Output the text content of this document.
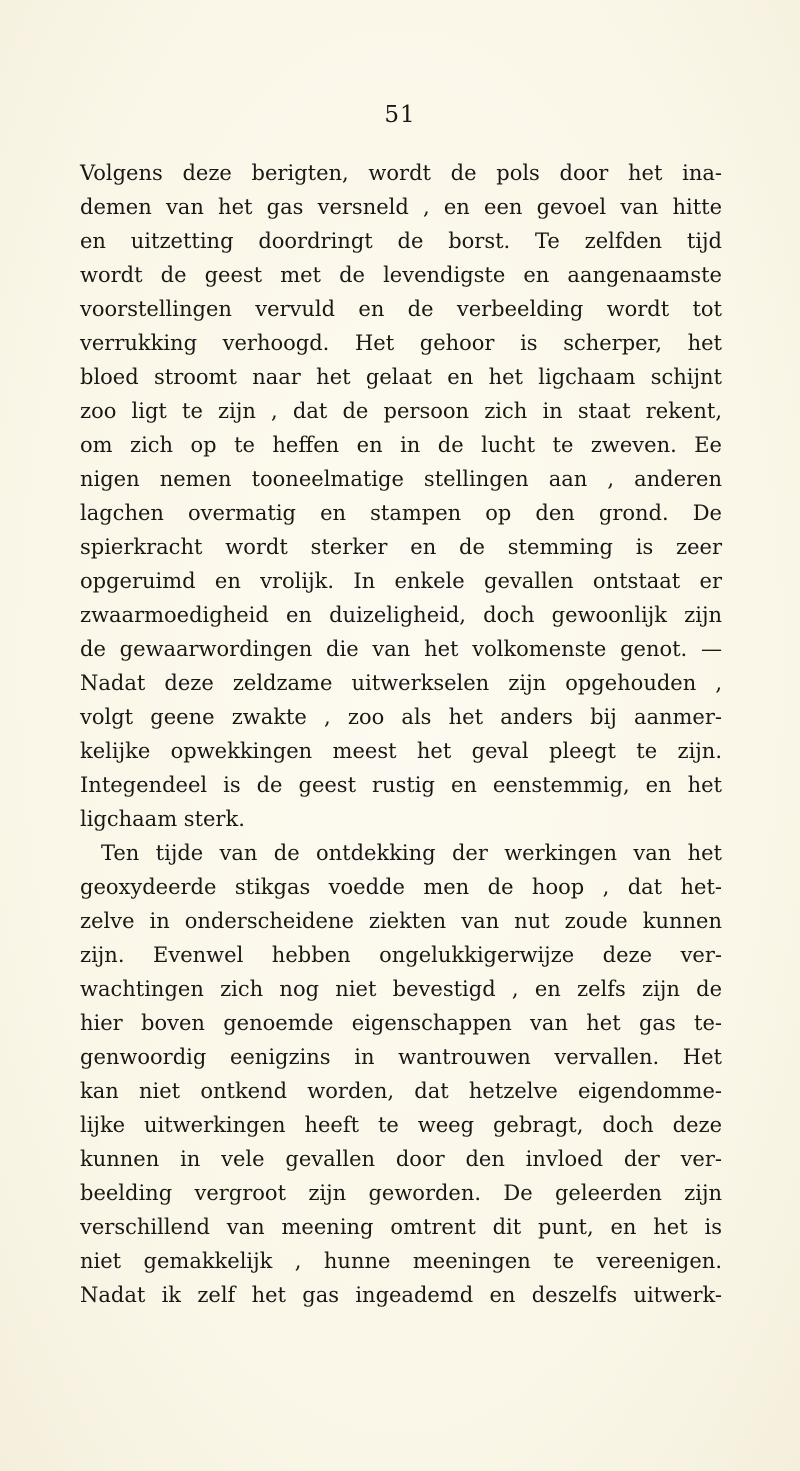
51
Volgens deze berigten, wordt de pols door het ina-
demen van het gas versneld , en een gevoel van hitte
en uitzetting doordringt de borst. Te zelfden tijd
wordt de geest met de levendigste en aangenaamste
voorstellingen vervuld en de verbeelding wordt tot
verrukking verhoogd. Het gehoor is scherper, het
bloed stroomt naar het gelaat en het ligchaam schijnt
zoo ligt te zijn , dat de persoon zich in staat rekent,
om zich op te heffen en in de lucht te zweven. Ee
nigen nemen tooneelmatige stellingen aan , anderen
lagchen overmatig en stampen op den grond. De
spierkracht wordt sterker en de stemming is zeer
opgeruimd en vrolijk. In enkele gevallen ontstaat er
zwaarmoedigheid en duizeligheid, doch gewoonlijk zijn
de gewaarwordingen die van het volkomenste genot. —
Nadat deze zeldzame uitwerkselen zijn opgehouden ,
volgt geene zwakte , zoo als het anders bij aanmer-
kelijke opwekkingen meest het geval pleegt te zijn.
Integendeel is de geest rustig en eenstemmig, en het
ligchaam sterk.
Ten tijde van de ontdekking der werkingen van het
geoxydeerde stikgas voedde men de hoop , dat het-
zelve in onderscheidene ziekten van nut zoude kunnen
zijn. Evenwel hebben ongelukkigerwijze deze ver-
wachtingen zich nog niet bevestigd , en zelfs zijn de
hier boven genoemde eigenschappen van het gas te-
genwoordig eenigzins in wantrouwen vervallen. Het
kan niet ontkend worden, dat hetzelve eigendomme-
lijke uitwerkingen heeft te weeg gebragt, doch deze
kunnen in vele gevallen door den invloed der ver-
beelding vergroot zijn geworden. De geleerden zijn
verschillend van meening omtrent dit punt, en het is
niet gemakkelijk , hunne meeningen te vereenigen.
Nadat ik zelf het gas ingeademd en deszelfs uitwerk-
